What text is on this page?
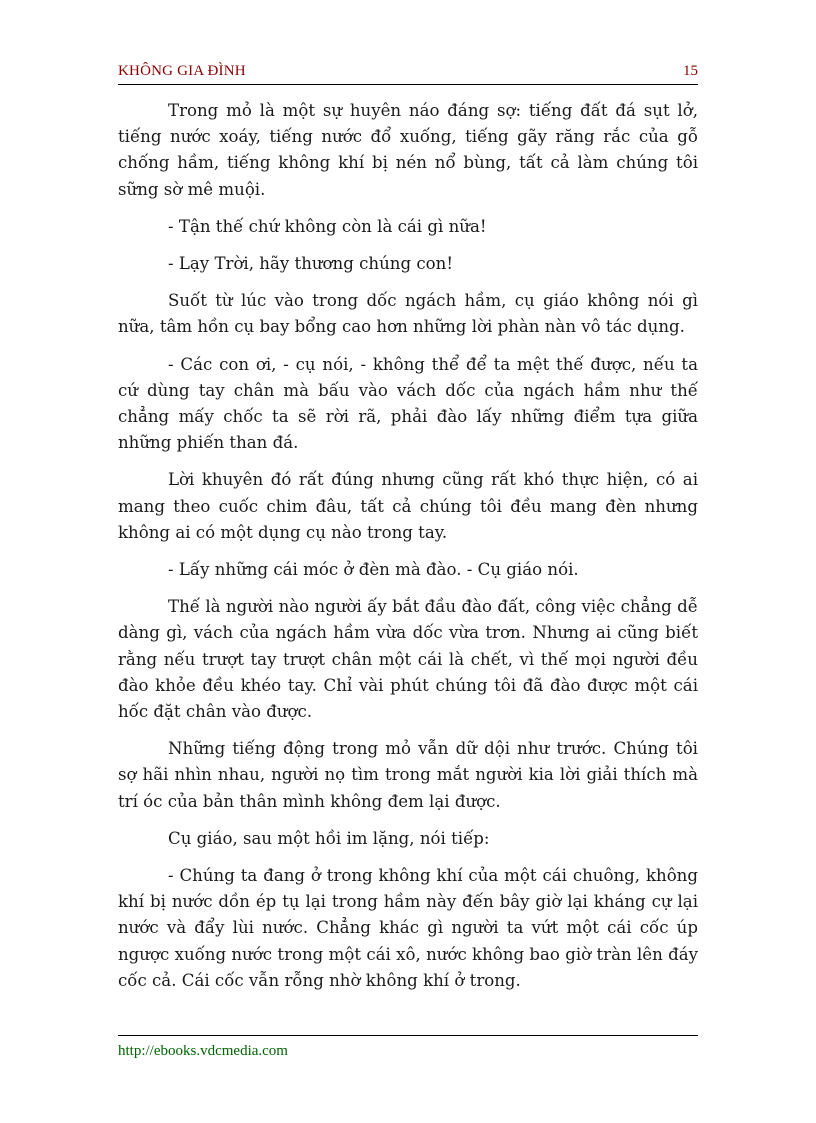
KHÔNG GIA ĐÌNH	15

Trong mỏ là một sự huyên náo đáng sợ: tiếng đất đá sụt lở, tiếng nước xoáy, tiếng nước đổ xuống, tiếng gãy răng rắc của gỗ chống hầm, tiếng không khí bị nén nổ bùng, tất cả làm chúng tôi sững sờ mê muội.

- Tận thế chứ không còn là cái gì nữa!

- Lạy Trời, hãy thương chúng con!

Suốt từ lúc vào trong dốc ngách hầm, cụ giáo không nói gì nữa, tâm hồn cụ bay bổng cao hơn những lời phàn nàn vô tác dụng.

- Các con ơi, - cụ nói, - không thể để ta mệt thế được, nếu ta cứ dùng tay chân mà bấu vào vách dốc của ngách hầm như thế chẳng mấy chốc ta sẽ rời rã, phải đào lấy những điểm tựa giữa những phiến than đá.

Lời khuyên đó rất đúng nhưng cũng rất khó thực hiện, có ai mang theo cuốc chim đâu, tất cả chúng tôi đều mang đèn nhưng không ai có một dụng cụ nào trong tay.

- Lấy những cái móc ở đèn mà đào. - Cụ giáo nói.

Thế là người nào người ấy bắt đầu đào đất, công việc chẳng dễ dàng gì, vách của ngách hầm vừa dốc vừa trơn. Nhưng ai cũng biết rằng nếu trượt tay trượt chân một cái là chết, vì thế mọi người đều đào khỏe đều khéo tay. Chỉ vài phút chúng tôi đã đào được một cái hốc đặt chân vào được.

Những tiếng động trong mỏ vẫn dữ dội như trước. Chúng tôi sợ hãi nhìn nhau, người nọ tìm trong mắt người kia lời giải thích mà trí óc của bản thân mình không đem lại được.

Cụ giáo, sau một hồi im lặng, nói tiếp:

- Chúng ta đang ở trong không khí của một cái chuông, không khí bị nước dồn ép tụ lại trong hầm này đến bây giờ lại kháng cự lại nước và đẩy lùi nước. Chẳng khác gì người ta vứt một cái cốc úp ngược xuống nước trong một cái xô, nước không bao giờ tràn lên đáy cốc cả. Cái cốc vẫn rỗng nhờ không khí ở trong.

http://ebooks.vdcmedia.com
